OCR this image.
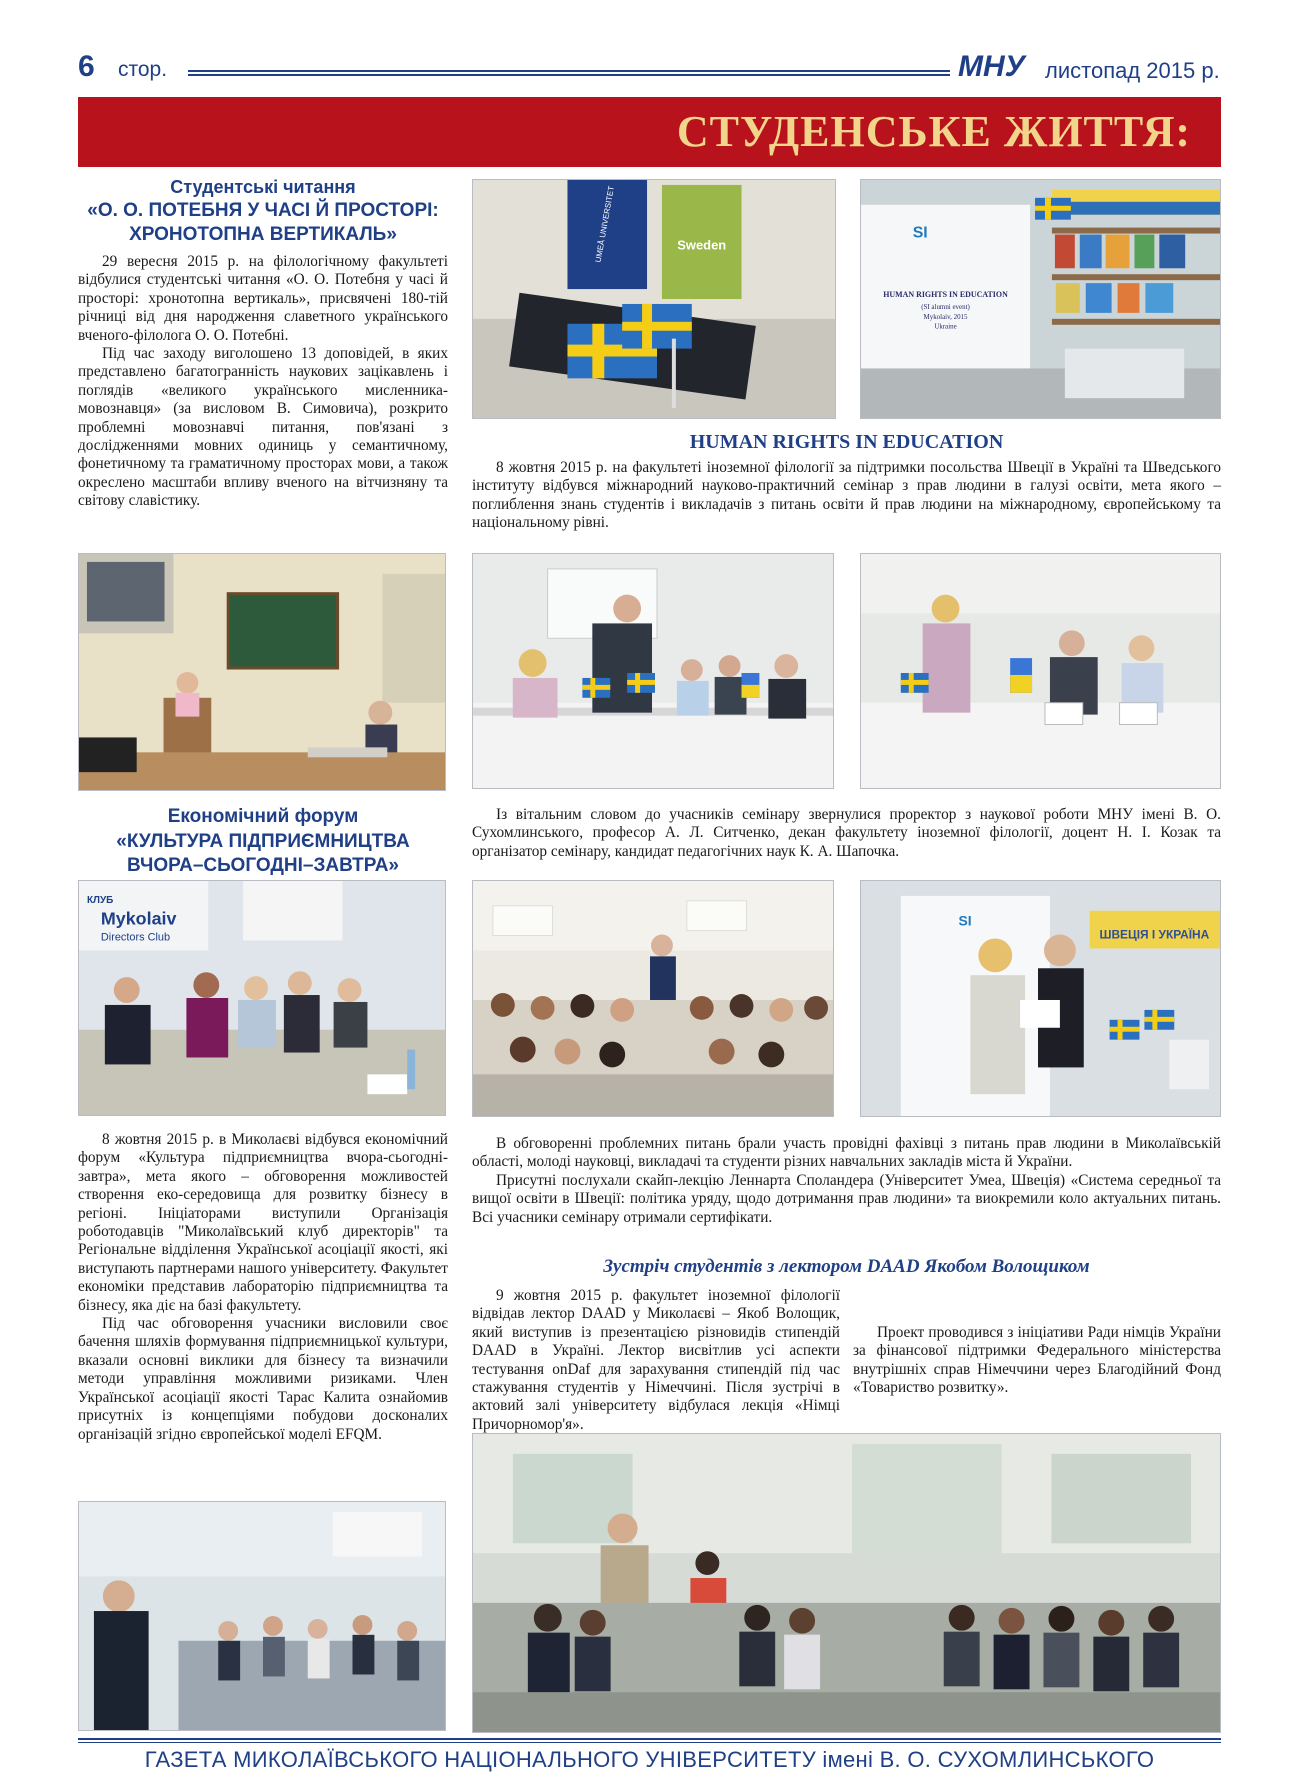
6 стор.	МНУ листопад 2015 р.
СТУДЕНСЬКЕ ЖИТТЯ:
Студентські читання
«О. О. ПОТЕБНЯ У ЧАСІ Й ПРОСТОРІ: ХРОНОТОПНА ВЕРТИКАЛЬ»

29 вересня 2015 р. на філологічному факультеті відбулися студентські читання «О. О. Потебня у часі й просторі: хронотопна вертикаль», присвячені 180-тій річниці від дня народження славетного українського вченого-філолога О. О. Потебні.

Під час заходу виголошено 13 доповідей, в яких представлено багатогранність наукових зацікавлень і поглядів «великого українського мисленника-мовознавця» (за висловом В. Симовича), розкрито проблемні мовознавчі питання, пов'язані з дослідженнями мовних одиниць у семантичному, фонетичному та граматичному просторах мови, а також окреслено масштаби впливу вченого на вітчизняну та світову славістику.

Економічний форум
«КУЛЬТУРА ПІДПРИЄМНИЦТВА ВЧОРА–СЬОГОДНІ–ЗАВТРА»
КЛУБ
Mykolaiv
Directors Club

8 жовтня 2015 р. в Миколаєві відбувся економічний форум «Культура підприємництва вчора-сьогодні-завтра», мета якого – обговорення можливостей створення еко-середовища для розвитку бізнесу в регіоні. Ініціаторами виступили Організація роботодавців "Миколаївський клуб директорів" та Регіональне відділення Української асоціації якості, які виступають партнерами нашого університету. Факультет економіки представив лабораторію підприємництва та бізнесу, яка діє на базі факультету.

Під час обговорення учасники висловили своє бачення шляхів формування підприємницької культури, вказали основні виклики для бізнесу та визначили методи управління можливими ризиками. Член Української асоціації якості Тарас Калита ознайомив присутніх із концепціями побудови досконалих організацій згідно європейської моделі EFQM.

UMEÅ UNIVERSITET	Sweden
SI
HUMAN RIGHTS IN EDUCATION
(SI alumni event)
Mykolaiv, 2015
Ukraine
HUMAN RIGHTS IN EDUCATION

8 жовтня 2015 р. на факультеті іноземної філології за підтримки посольства Швеції в Україні та Шведського інституту відбувся міжнародний науково-практичний семінар з прав людини в галузі освіти, мета якого – поглиблення знань студентів і викладачів з питань освіти й прав людини на міжнародному, європейському та національному рівні.

Із вітальним словом до учасників семінару звернулися проректор з наукової роботи МНУ імені В. О. Сухомлинського, професор А. Л. Ситченко, декан факультету іноземної філології, доцент Н. І. Козак та організатор семінару, кандидат педагогічних наук К. А. Шапочка.

SI
ШВЕЦІЯ І УКРАЇНА

В обговоренні проблемних питань брали участь провідні фахівці з питань прав людини в Миколаївській області, молоді науковці, викладачі та студенти різних навчальних закладів міста й України.

Присутні послухали скайп-лекцію Леннарта Споландера (Університет Умеа, Швеція) «Система середньої та вищої освіти в Швеції: політика уряду, щодо дотримання прав людини» та виокремили коло актуальних питань. Всі учасники семінару отримали сертифікати.

Зустріч студентів з лектором DAAD Якобом Волощиком

9 жовтня 2015 р. факультет іноземної філології відвідав лектор DAAD у Миколаєві – Якоб Волощик, який виступив із презентацією різновидів стипендій DAAD в Україні. Лектор висвітлив усі аспекти тестування onDaf для зарахування стипендій під час стажування студентів у Німеччині. Після зустрічі в актовий залі університету відбулася лекція «Німці Причорномор'я».

Проект проводився з ініціативи Ради німців України за фінансової підтримки Федерального міністерства внутрішніх справ Німеччини через Благодійний Фонд «Товариство розвитку».

ГАЗЕТА МИКОЛАЇВСЬКОГО НАЦІОНАЛЬНОГО УНІВЕРСИТЕТУ імені В. О. СУХОМЛИНСЬКОГО
